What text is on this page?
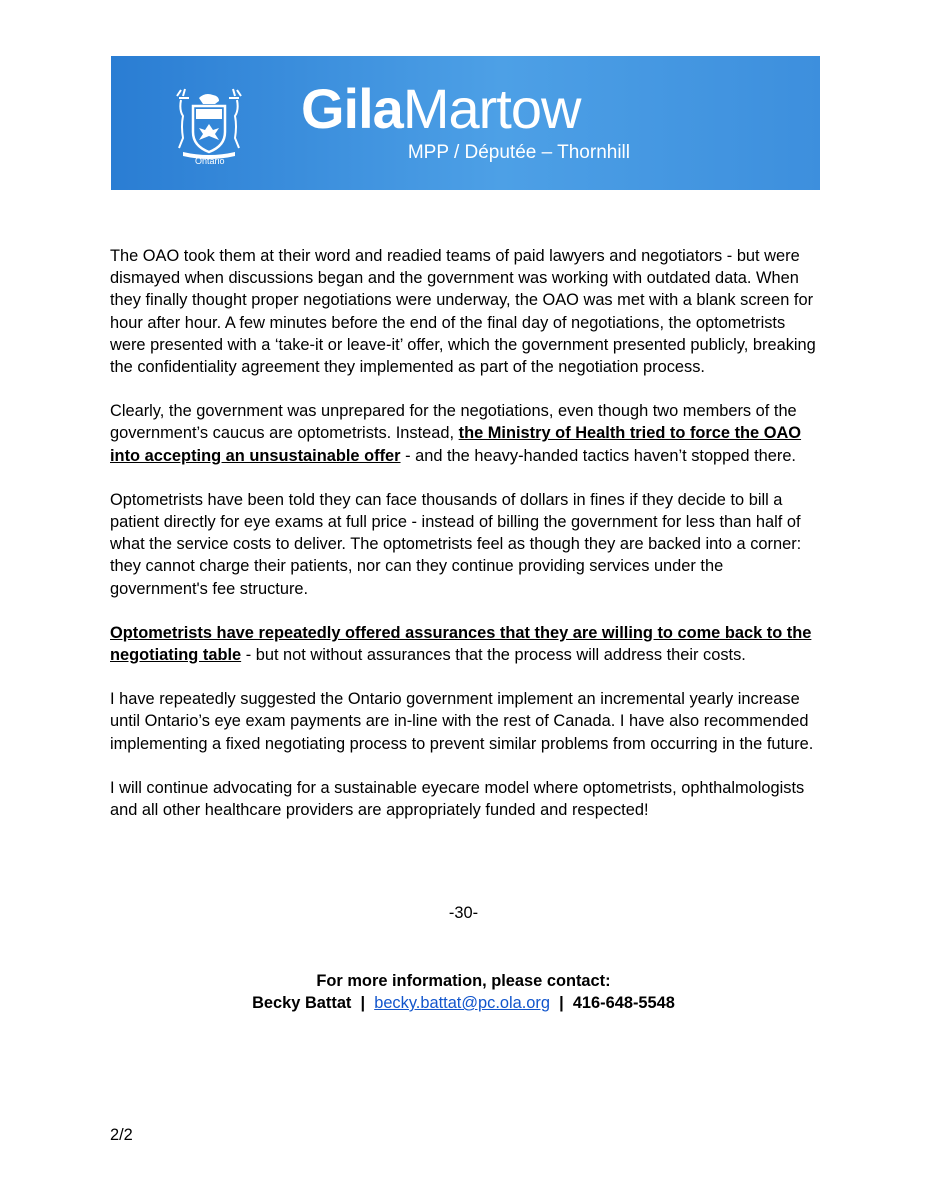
Ontario
GilaMartow
MPP / Députée – Thornhill

The OAO took them at their word and readied teams of paid lawyers and negotiators - but were dismayed when discussions began and the government was working with outdated data. When they finally thought proper negotiations were underway, the OAO was met with a blank screen for hour after hour. A few minutes before the end of the final day of negotiations, the optometrists were presented with a ‘take-it or leave-it’ offer, which the government presented publicly, breaking the confidentiality agreement they implemented as part of the negotiation process.

Clearly, the government was unprepared for the negotiations, even though two members of the government’s caucus are optometrists. Instead, the Ministry of Health tried to force the OAO into accepting an unsustainable offer - and the heavy-handed tactics haven’t stopped there.

Optometrists have been told they can face thousands of dollars in fines if they decide to bill a patient directly for eye exams at full price - instead of billing the government for less than half of what the service costs to deliver. The optometrists feel as though they are backed into a corner: they cannot charge their patients, nor can they continue providing services under the government's fee structure.

Optometrists have repeatedly offered assurances that they are willing to come back to the negotiating table - but not without assurances that the process will address their costs.

I have repeatedly suggested the Ontario government implement an incremental yearly increase until Ontario’s eye exam payments are in-line with the rest of Canada. I have also recommended implementing a fixed negotiating process to prevent similar problems from occurring in the future.

I will continue advocating for a sustainable eyecare model where optometrists, ophthalmologists and all other healthcare providers are appropriately funded and respected!

-30-
For more information, please contact:
Becky Battat | becky.battat@pc.ola.org | 416-648-5548
2/2
